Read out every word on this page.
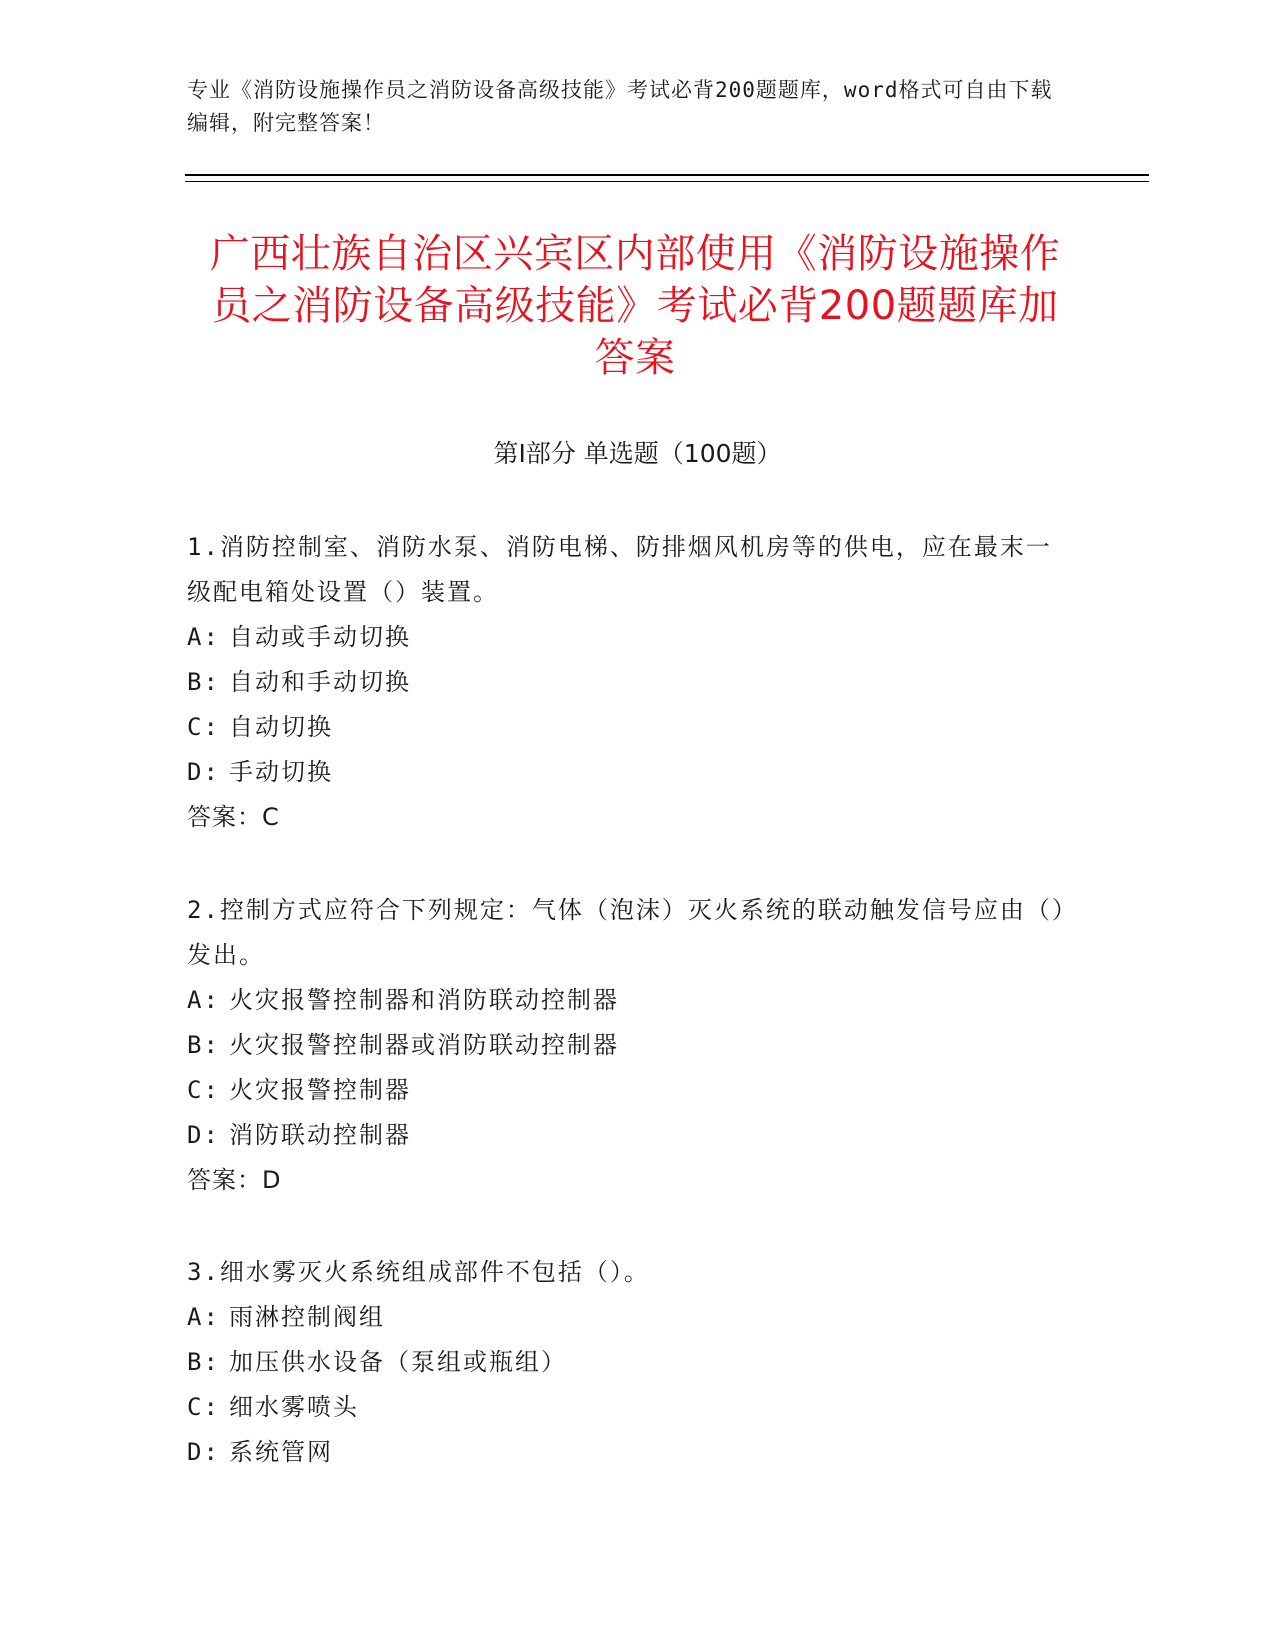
专业《消防设施操作员之消防设备高级技能》考试必背200题题库，word格式可自由下载编辑，附完整答案！
广西壮族自治区兴宾区内部使用《消防设施操作员之消防设备高级技能》考试必背200题题库加答案
第I部分 单选题（100题）

1.消防控制室、消防水泵、消防电梯、防排烟风机房等的供电，应在最末一级配电箱处设置（）装置。

A: 自动或手动切换

B: 自动和手动切换

C: 自动切换

D: 手动切换

答案：C

2.控制方式应符合下列规定：气体（泡沫）灭火系统的联动触发信号应由（）发出。

A: 火灾报警控制器和消防联动控制器

B: 火灾报警控制器或消防联动控制器

C: 火灾报警控制器

D: 消防联动控制器

答案：D

3.细水雾灭火系统组成部件不包括（）。

A: 雨淋控制阀组

B: 加压供水设备（泵组或瓶组）

C: 细水雾喷头

D: 系统管网
